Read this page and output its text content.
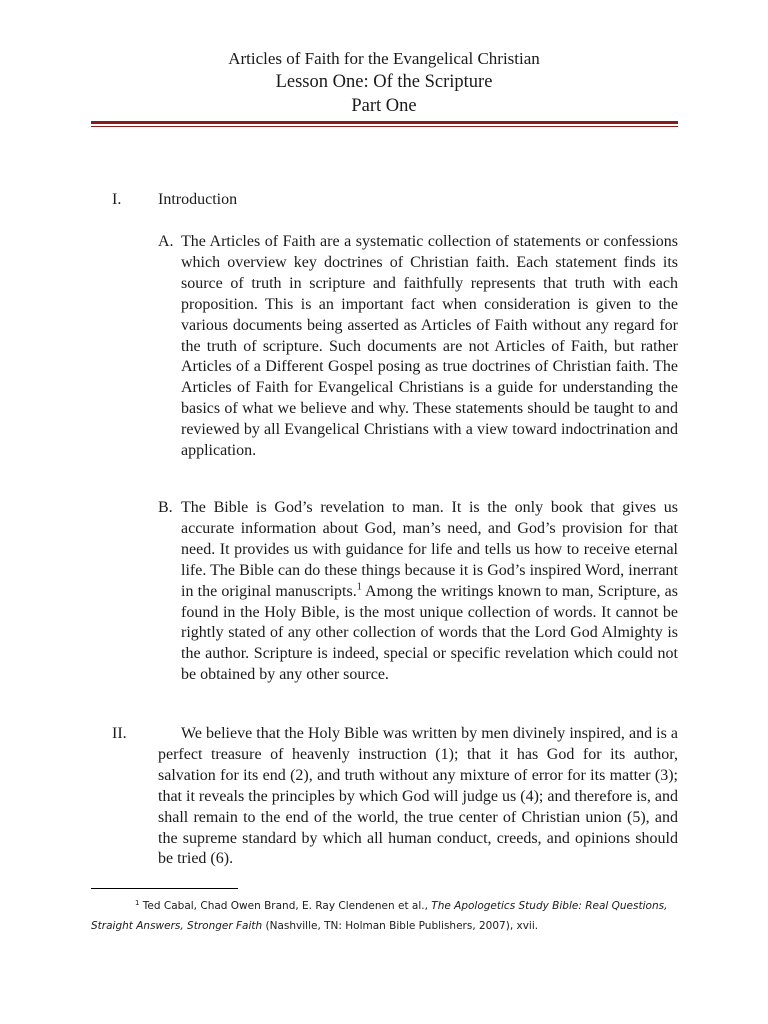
Articles of Faith for the Evangelical Christian
Lesson One: Of the Scripture
Part One
I. Introduction
A. The Articles of Faith are a systematic collection of statements or confessions which overview key doctrines of Christian faith. Each statement finds its source of truth in scripture and faithfully represents that truth with each proposition. This is an important fact when consideration is given to the various documents being asserted as Articles of Faith without any regard for the truth of scripture. Such documents are not Articles of Faith, but rather Articles of a Different Gospel posing as true doctrines of Christian faith. The Articles of Faith for Evangelical Christians is a guide for understanding the basics of what we believe and why. These statements should be taught to and reviewed by all Evangelical Christians with a view toward indoctrination and application.
B. The Bible is God’s revelation to man. It is the only book that gives us accurate information about God, man’s need, and God’s provision for that need. It provides us with guidance for life and tells us how to receive eternal life. The Bible can do these things because it is God’s inspired Word, inerrant in the original manuscripts.$^1$ Among the writings known to man, Scripture, as found in the Holy Bible, is the most unique collection of words. It cannot be rightly stated of any other collection of words that the Lord God Almighty is the author. Scripture is indeed, special or specific revelation which could not be obtained by any other source.
II.	We believe that the Holy Bible was written by men divinely inspired, and is a perfect treasure of heavenly instruction (1); that it has God for its author, salvation for its end (2), and truth without any mixture of error for its matter (3); that it reveals the principles by which God will judge us (4); and therefore is, and shall remain to the end of the world, the true center of Christian union (5), and the supreme standard by which all human conduct, creeds, and opinions should be tried (6).
$^1$ Ted Cabal, Chad Owen Brand, E. Ray Clendenen et al., The Apologetics Study Bible: Real Questions, Straight Answers, Stronger Faith (Nashville, TN: Holman Bible Publishers, 2007), xvii.
